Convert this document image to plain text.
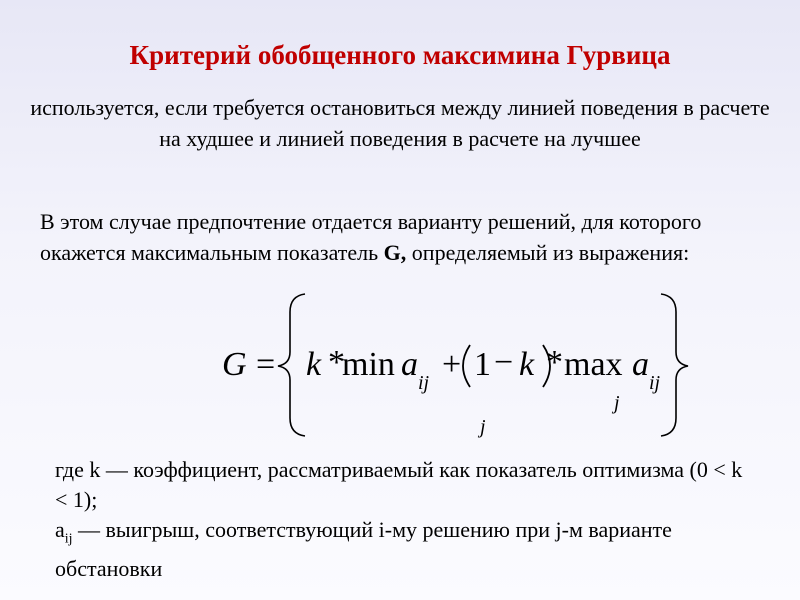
Критерий обобщенного максимина Гурвица
используется, если требуется остановиться между линией поведения в расчете на худшее и линией поведения в расчете на лучшее
В этом случае предпочтение отдается варианту решений, для которого окажется максимальным показатель G, определяемый из выражения:
G = k *
min a ij + 1 − k * max a ij
j
j
где k — коэффициент, рассматриваемый как показатель оптимизма (0 < k < 1);
$a_{ij}$ — выигрыш, соответствующий i-му решению при j-м варианте обстановки
